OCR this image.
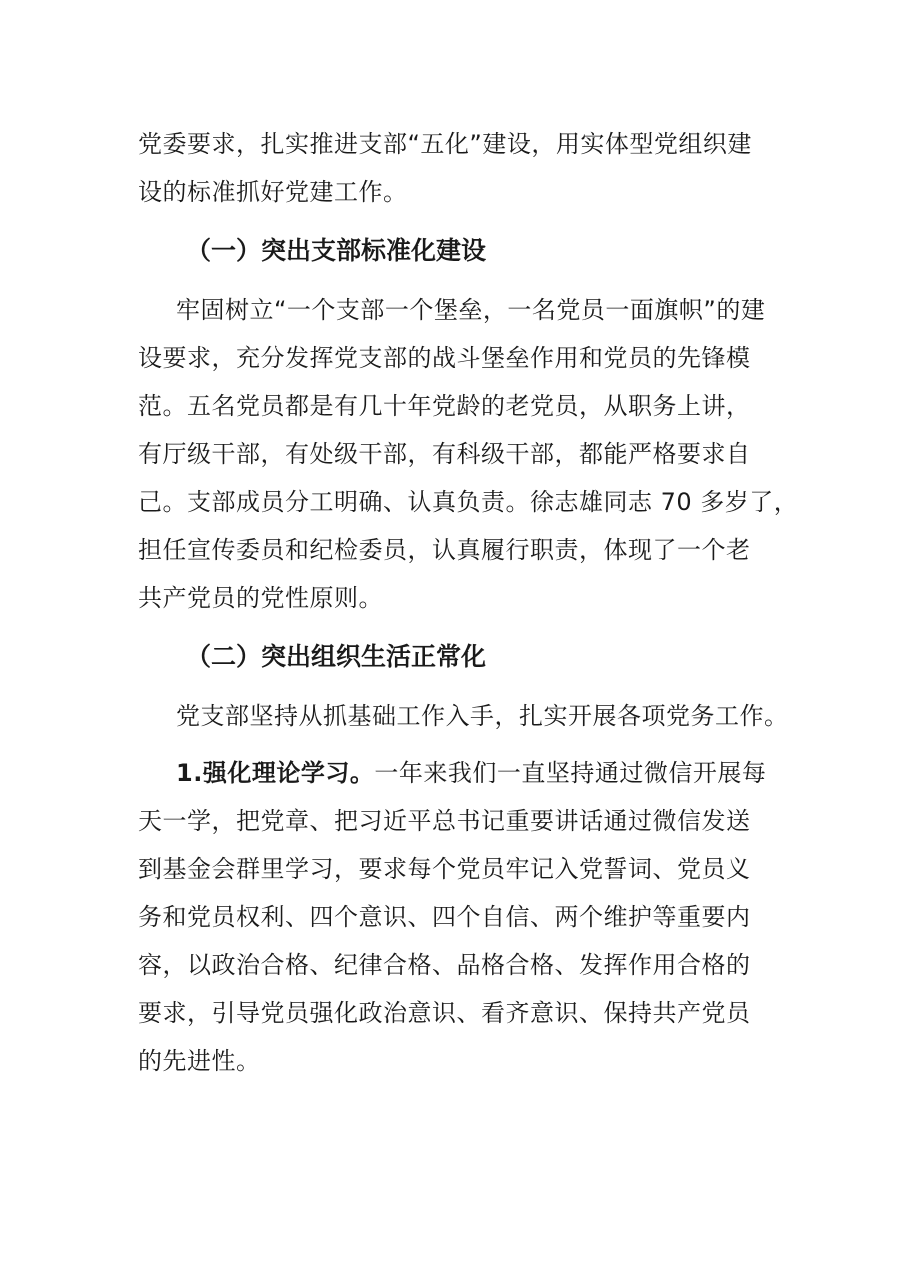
党委要求，扎实推进支部“五化”建设，用实体型党组织建
设的标准抓好党建工作。
（一）突出支部标准化建设
牢固树立“一个支部一个堡垒，一名党员一面旗帜”的建
设要求，充分发挥党支部的战斗堡垒作用和党员的先锋模
范。五名党员都是有几十年党龄的老党员，从职务上讲，
有厅级干部，有处级干部，有科级干部，都能严格要求自
己。支部成员分工明确、认真负责。徐志雄同志 70 多岁了，
担任宣传委员和纪检委员，认真履行职责，体现了一个老
共产党员的党性原则。
（二）突出组织生活正常化
党支部坚持从抓基础工作入手，扎实开展各项党务工作。
1.强化理论学习。一年来我们一直坚持通过微信开展每
天一学，把党章、把习近平总书记重要讲话通过微信发送
到基金会群里学习，要求每个党员牢记入党誓词、党员义
务和党员权利、四个意识、四个自信、两个维护等重要内
容，以政治合格、纪律合格、品格合格、发挥作用合格的
要求，引导党员强化政治意识、看齐意识、保持共产党员
的先进性。
